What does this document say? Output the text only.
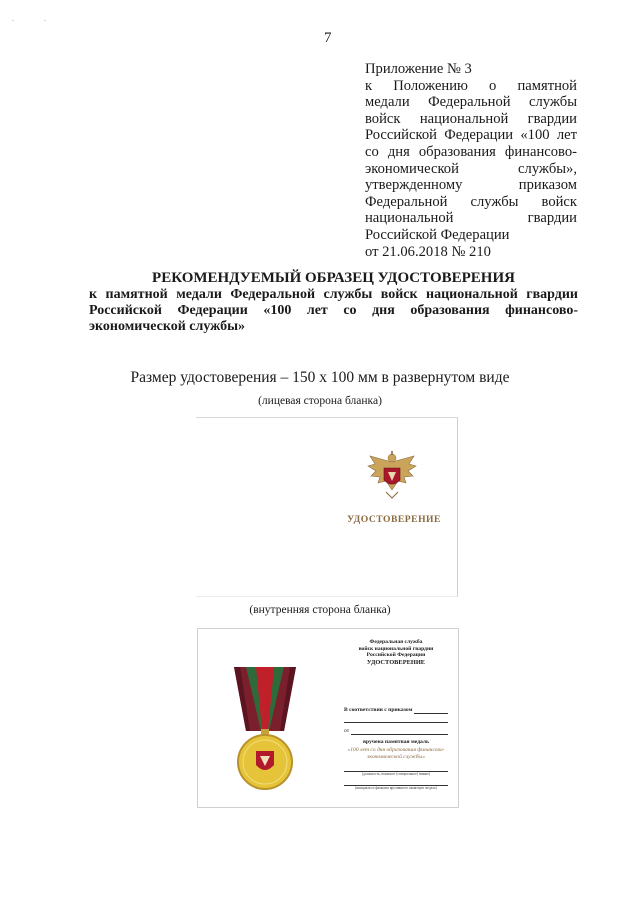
. .
7
Приложение № 3
к Положению о памятной
медали Федеральной службы
войск национальной гвардии
Российской Федерации «100 лет
со дня образования финансово-
экономической службы»,
утвержденному приказом
Федеральной службы войск
национальной гвардии
Российской Федерации
от 21.06.2018 № 210
РЕКОМЕНДУЕМЫЙ ОБРАЗЕЦ УДОСТОВЕРЕНИЯ
к памятной медали Федеральной службы войск национальной гвардии Российской Федерации «100 лет со дня образования финансово-экономической службы»
Размер удостоверения – 150 х 100 мм в развернутом виде
(лицевая сторона бланка)
УДОСТОВЕРЕНИЕ
(внутренняя сторона бланка)
Федеральная служба
войск национальной гвардии
Российской Федерации
УДОСТОВЕРЕНИЕ
В соответствии с приказом
от
вручена памятная медаль
«100 лет со дня образования финансово-экономической службы»
(должность, воинское (специальное) звание)
(инициалы и фамилия вручившего памятную медаль)
